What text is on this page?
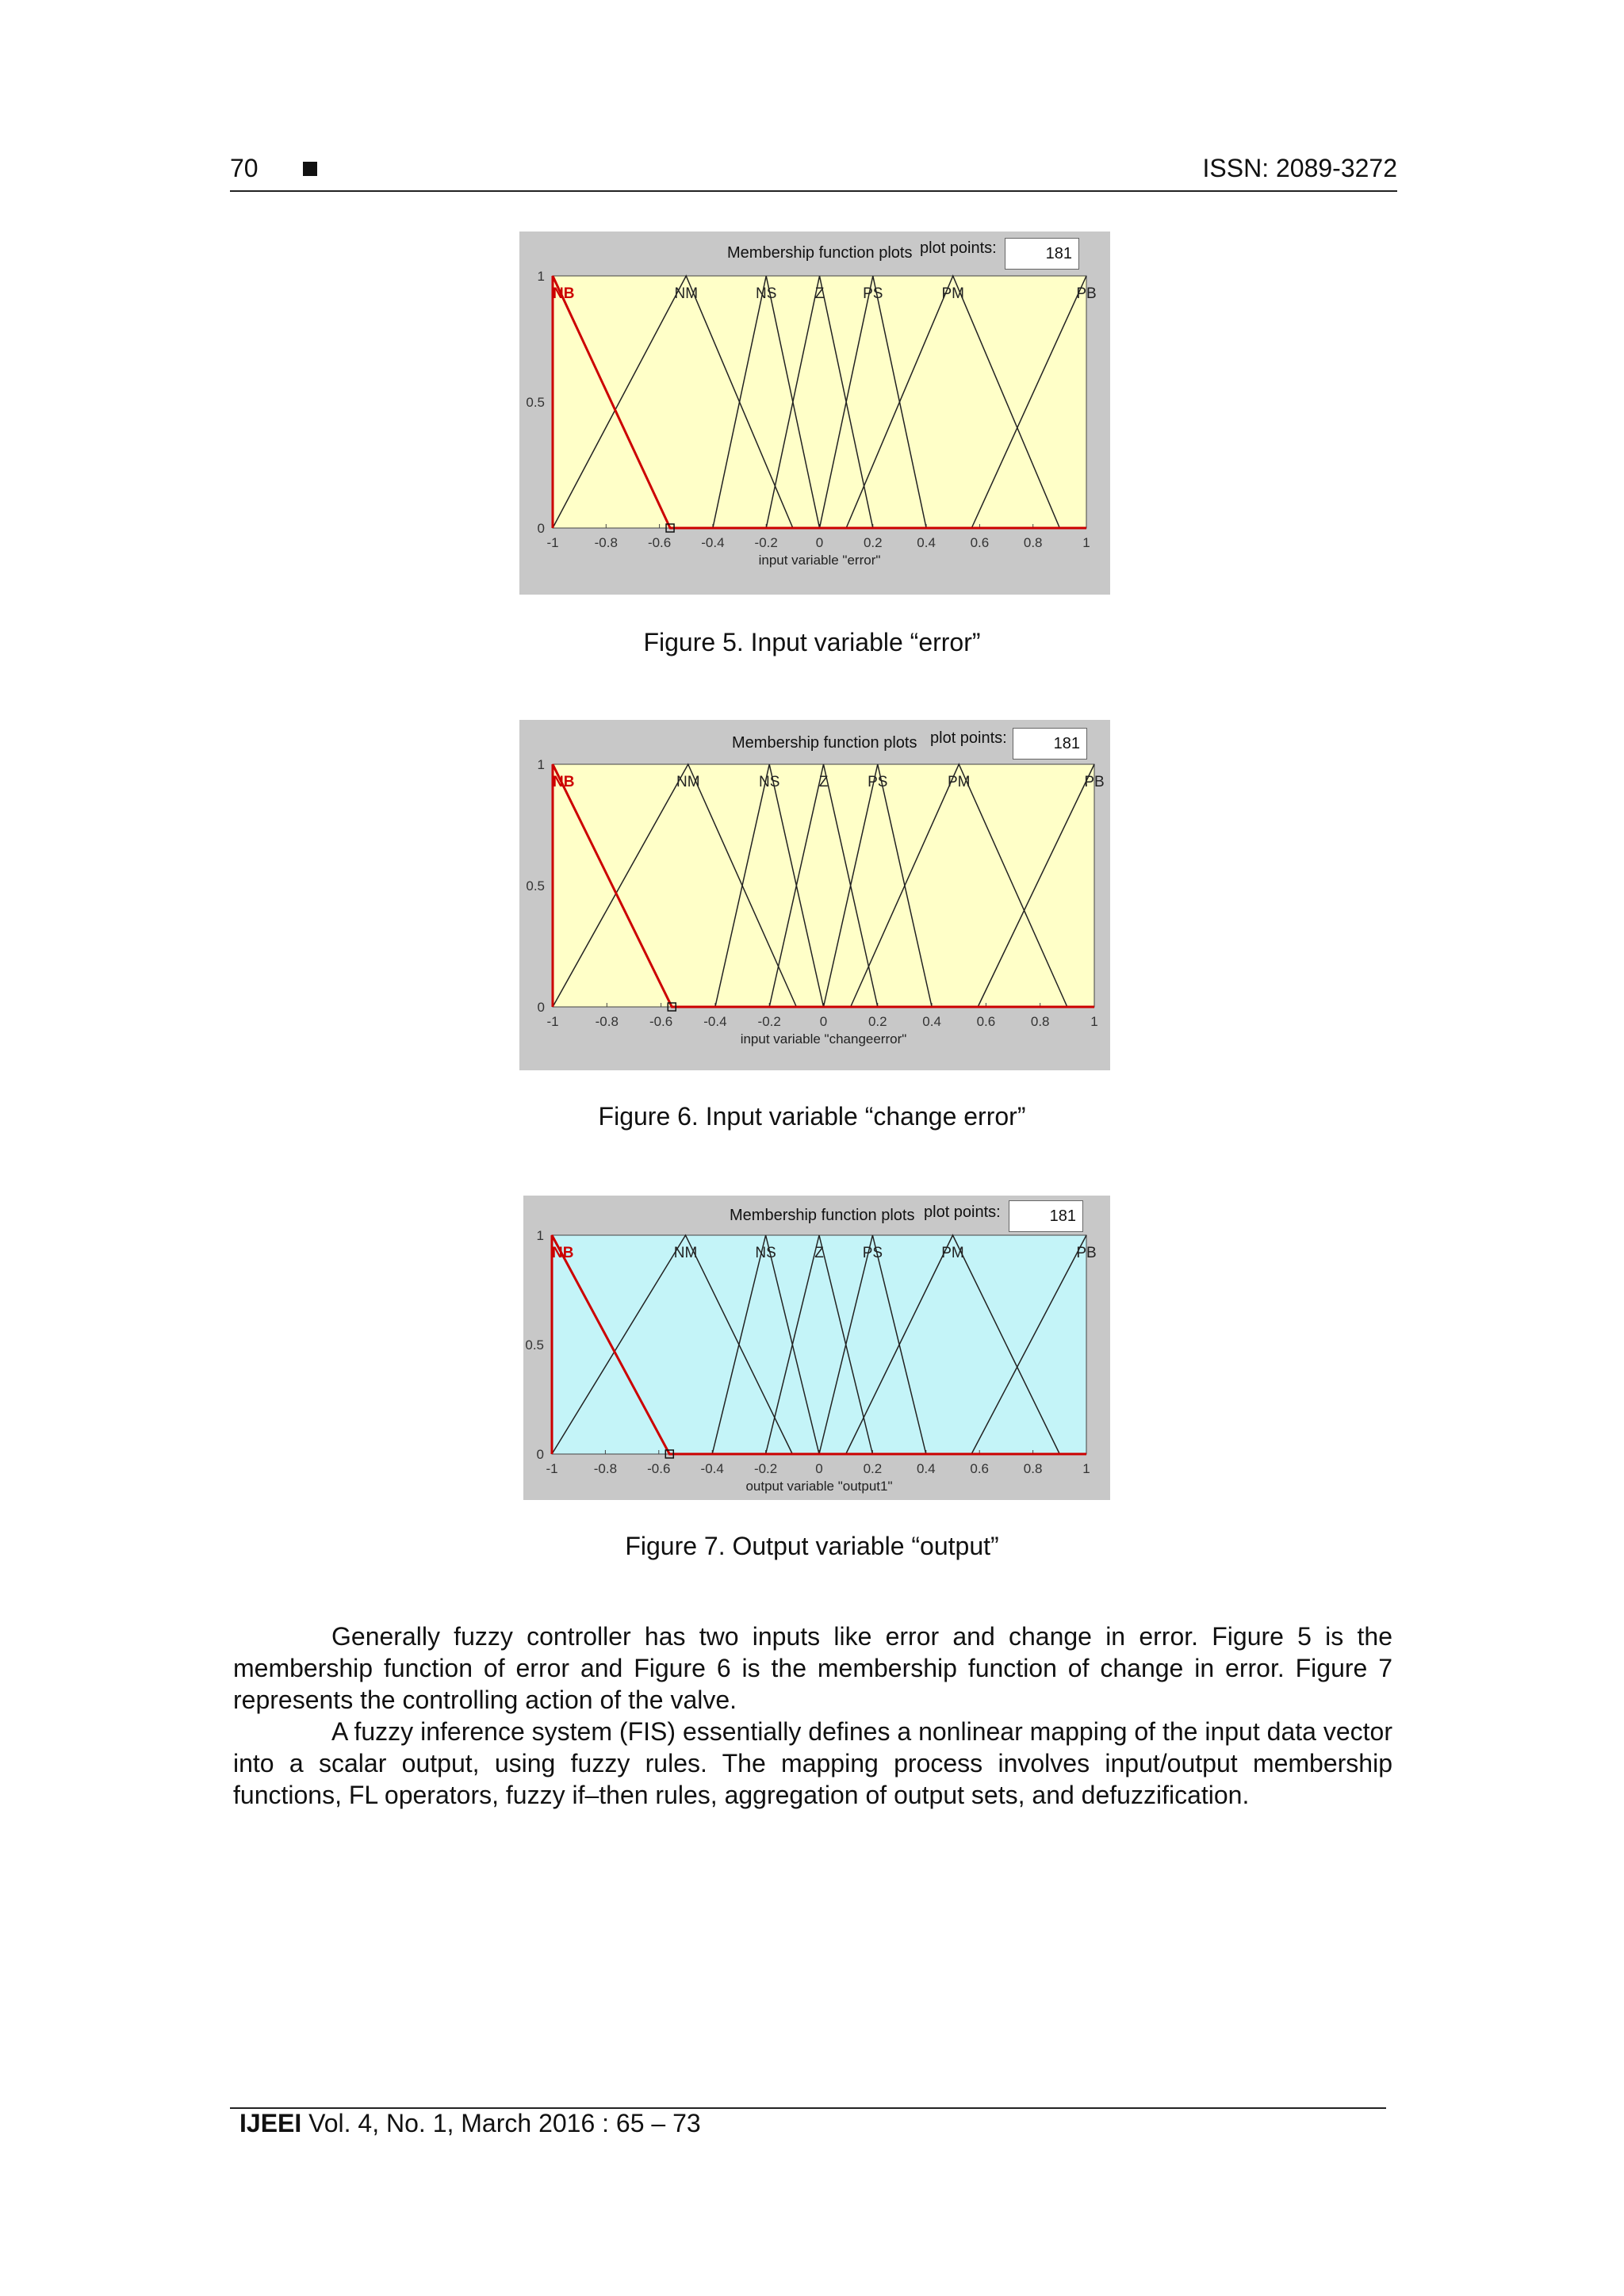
70	ISSN: 2089-3272
Membership function plots plot points:	181
-1	-0.8 -0.6 -0.4 -0.2	0	0.2	0.4	0.6	0.8	1
0
0.5
1
input variable "error"
NB	NM	NS	Z	PS	PM	PB
Figure 5. Input variable “error”
Membership function plots plot points:	181
-1	-0.8 -0.6 -0.4 -0.2	0	0.2	0.4	0.6	0.8	1
0
0.5
1
input variable "changeerror"
NB	NM	NS	Z	PS	PM	PB
Figure 6. Input variable “change error”
Membership function plots plot points:	181
-1	-0.8 -0.6 -0.4 -0.2	0	0.2	0.4	0.6	0.8	1
0
0.5
1
output variable "output1"
NB	NM	NS	Z	PS	PM	PB
Figure 7. Output variable “output”

Generally fuzzy controller has two inputs like error and change in error. Figure 5 is the membership function of error and Figure 6 is the membership function of change in error. Figure 7 represents the controlling action of the valve.

A fuzzy inference system (FIS) essentially defines a nonlinear mapping of the input data vector into a scalar output, using fuzzy rules. The mapping process involves input/output membership functions, FL operators, fuzzy if–then rules, aggregation of output sets, and defuzzification.

IJEEI Vol. 4, No. 1, March 2016 : 65 – 73
